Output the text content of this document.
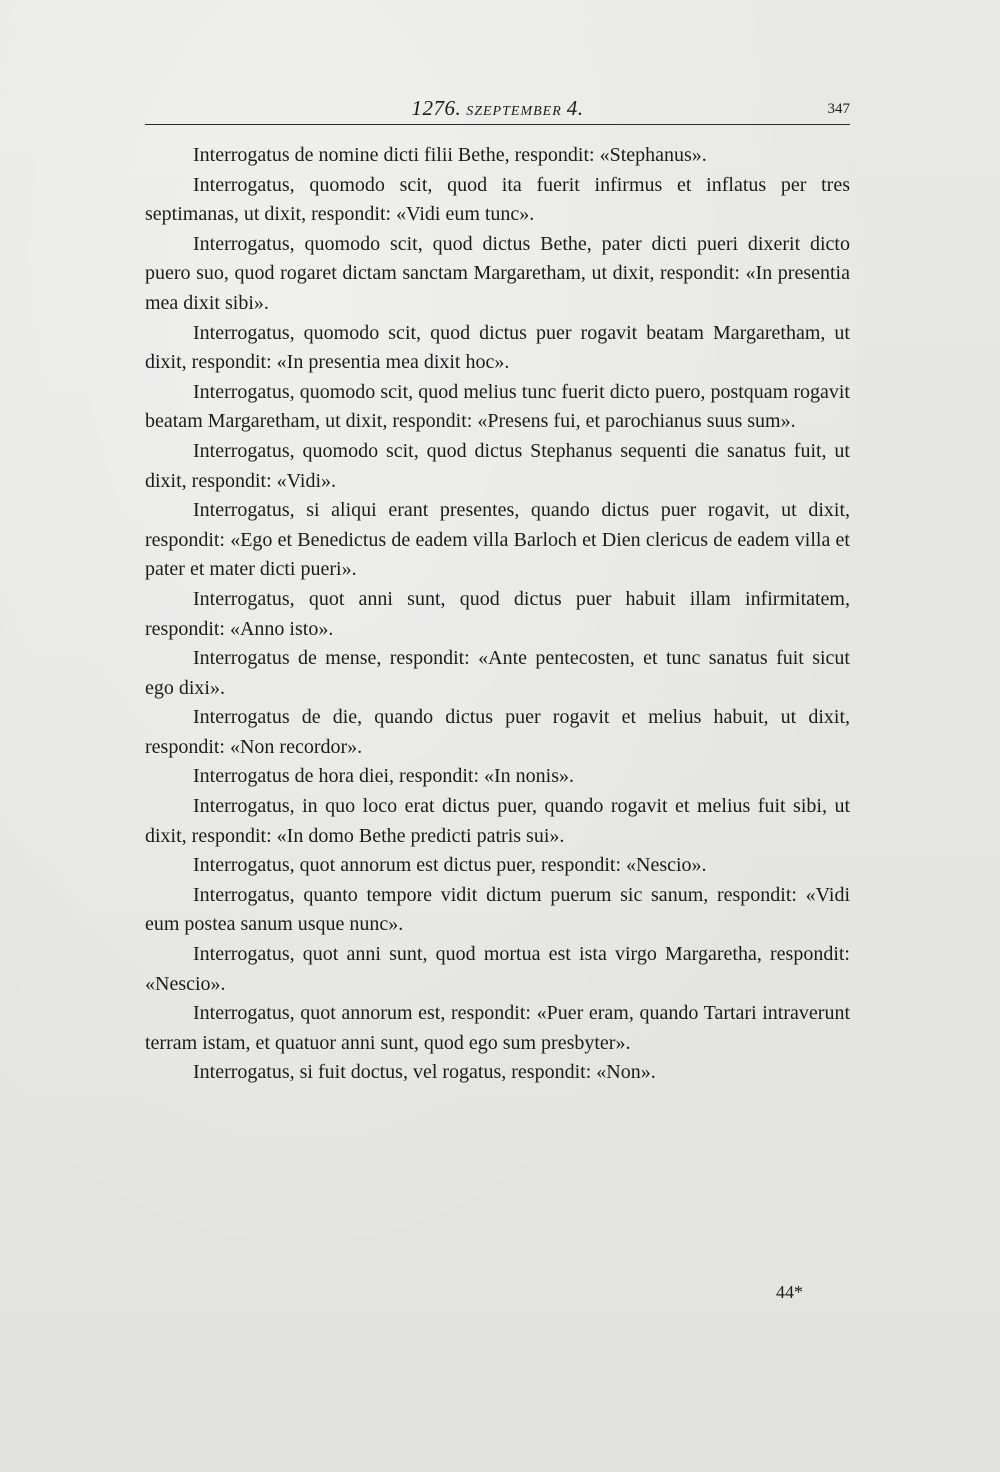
1276. SZEPTEMBER 4.	347

Interrogatus de nomine dicti filii Bethe, respondit: «Stephanus».

Interrogatus, quomodo scit, quod ita fuerit infirmus et inflatus per tres septimanas, ut dixit, respondit: «Vidi eum tunc».

Interrogatus, quomodo scit, quod dictus Bethe, pater dicti pueri dixerit dicto puero suo, quod rogaret dictam sanctam Margaretham, ut dixit, respondit: «In presentia mea dixit sibi».

Interrogatus, quomodo scit, quod dictus puer rogavit beatam Margaretham, ut dixit, respondit: «In presentia mea dixit hoc».

Interrogatus, quomodo scit, quod melius tunc fuerit dicto puero, postquam rogavit beatam Margaretham, ut dixit, respondit: «Presens fui, et parochianus suus sum».

Interrogatus, quomodo scit, quod dictus Stephanus sequenti die sanatus fuit, ut dixit, respondit: «Vidi».

Interrogatus, si aliqui erant presentes, quando dictus puer rogavit, ut dixit, respondit: «Ego et Benedictus de eadem villa Barloch et Dien clericus de eadem villa et pater et mater dicti pueri».

Interrogatus, quot anni sunt, quod dictus puer habuit illam infirmitatem, respondit: «Anno isto».

Interrogatus de mense, respondit: «Ante pentecosten, et tunc sanatus fuit sicut ego dixi».

Interrogatus de die, quando dictus puer rogavit et melius habuit, ut dixit, respondit: «Non recordor».

Interrogatus de hora diei, respondit: «In nonis».

Interrogatus, in quo loco erat dictus puer, quando rogavit et melius fuit sibi, ut dixit, respondit: «In domo Bethe predicti patris sui».

Interrogatus, quot annorum est dictus puer, respondit: «Nescio».

Interrogatus, quanto tempore vidit dictum puerum sic sanum, respondit: «Vidi eum postea sanum usque nunc».

Interrogatus, quot anni sunt, quod mortua est ista virgo Margaretha, respondit: «Nescio».

Interrogatus, quot annorum est, respondit: «Puer eram, quando Tartari intraverunt terram istam, et quatuor anni sunt, quod ego sum presbyter».

Interrogatus, si fuit doctus, vel rogatus, respondit: «Non».

44*
